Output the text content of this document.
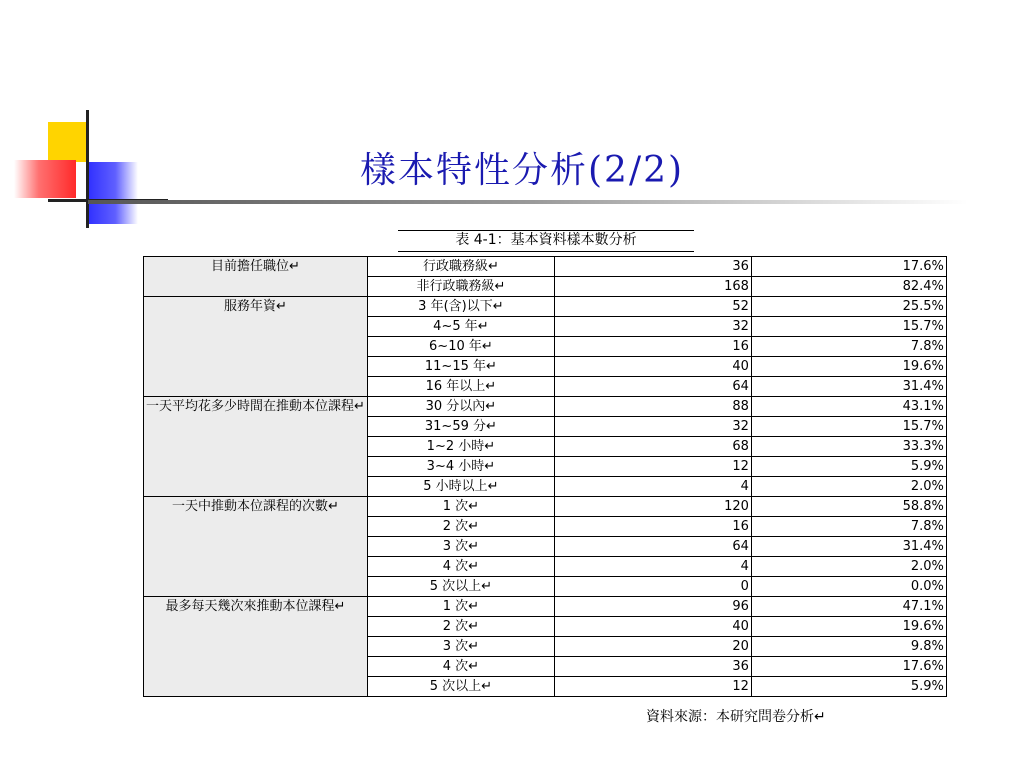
樣本特性分析(2/2)
表 4-1：基本資料樣本數分析
目前擔任職位↵	行政職務級↵	36	17.6%
	非行政職務級↵	168	82.4%
服務年資↵	3 年(含)以下↵	52	25.5%
	4~5 年↵	32	15.7%
	6~10 年↵	16	7.8%
	11~15 年↵	40	19.6%
	16 年以上↵	64	31.4%
一天平均花多少時間在推動本位課程↵	30 分以內↵	88	43.1%
	31~59 分↵	32	15.7%
	1~2 小時↵	68	33.3%
	3~4 小時↵	12	5.9%
	5 小時以上↵	4	2.0%
一天中推動本位課程的次數↵	1 次↵	120	58.8%
	2 次↵	16	7.8%
	3 次↵	64	31.4%
	4 次↵	4	2.0%
	5 次以上↵	0	0.0%
最多每天幾次來推動本位課程↵	1 次↵	96	47.1%
	2 次↵	40	19.6%
	3 次↵	20	9.8%
	4 次↵	36	17.6%
	5 次以上↵	12	5.9%
資料來源：本研究問卷分析↵
